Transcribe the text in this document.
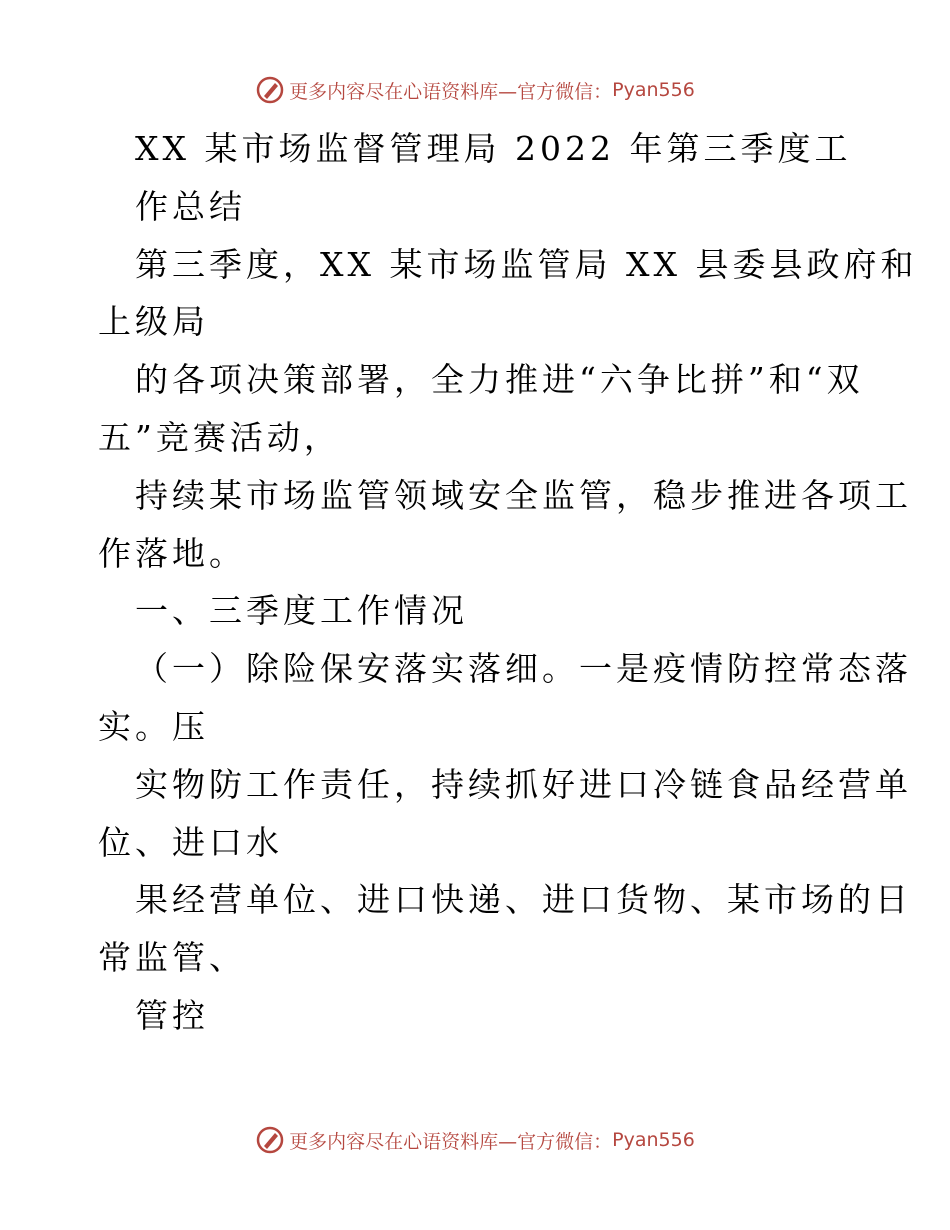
更多内容尽在心语资料库—官方微信： Pyan556
XX 某市场监督管理局 2022 年第三季度工
作总结
第三季度，XX 某市场监管局 XX 县委县政府和
上级局
的各项决策部署，全力推进“六争比拼”和“双
五”竞赛活动，
持续某市场监管领域安全监管，稳步推进各项工
作落地。
一、三季度工作情况
（一）除险保安落实落细。一是疫情防控常态落
实。压
实物防工作责任，持续抓好进口冷链食品经营单
位、进口水
果经营单位、进口快递、进口货物、某市场的日
常监管、
管控
更多内容尽在心语资料库—官方微信： Pyan556
